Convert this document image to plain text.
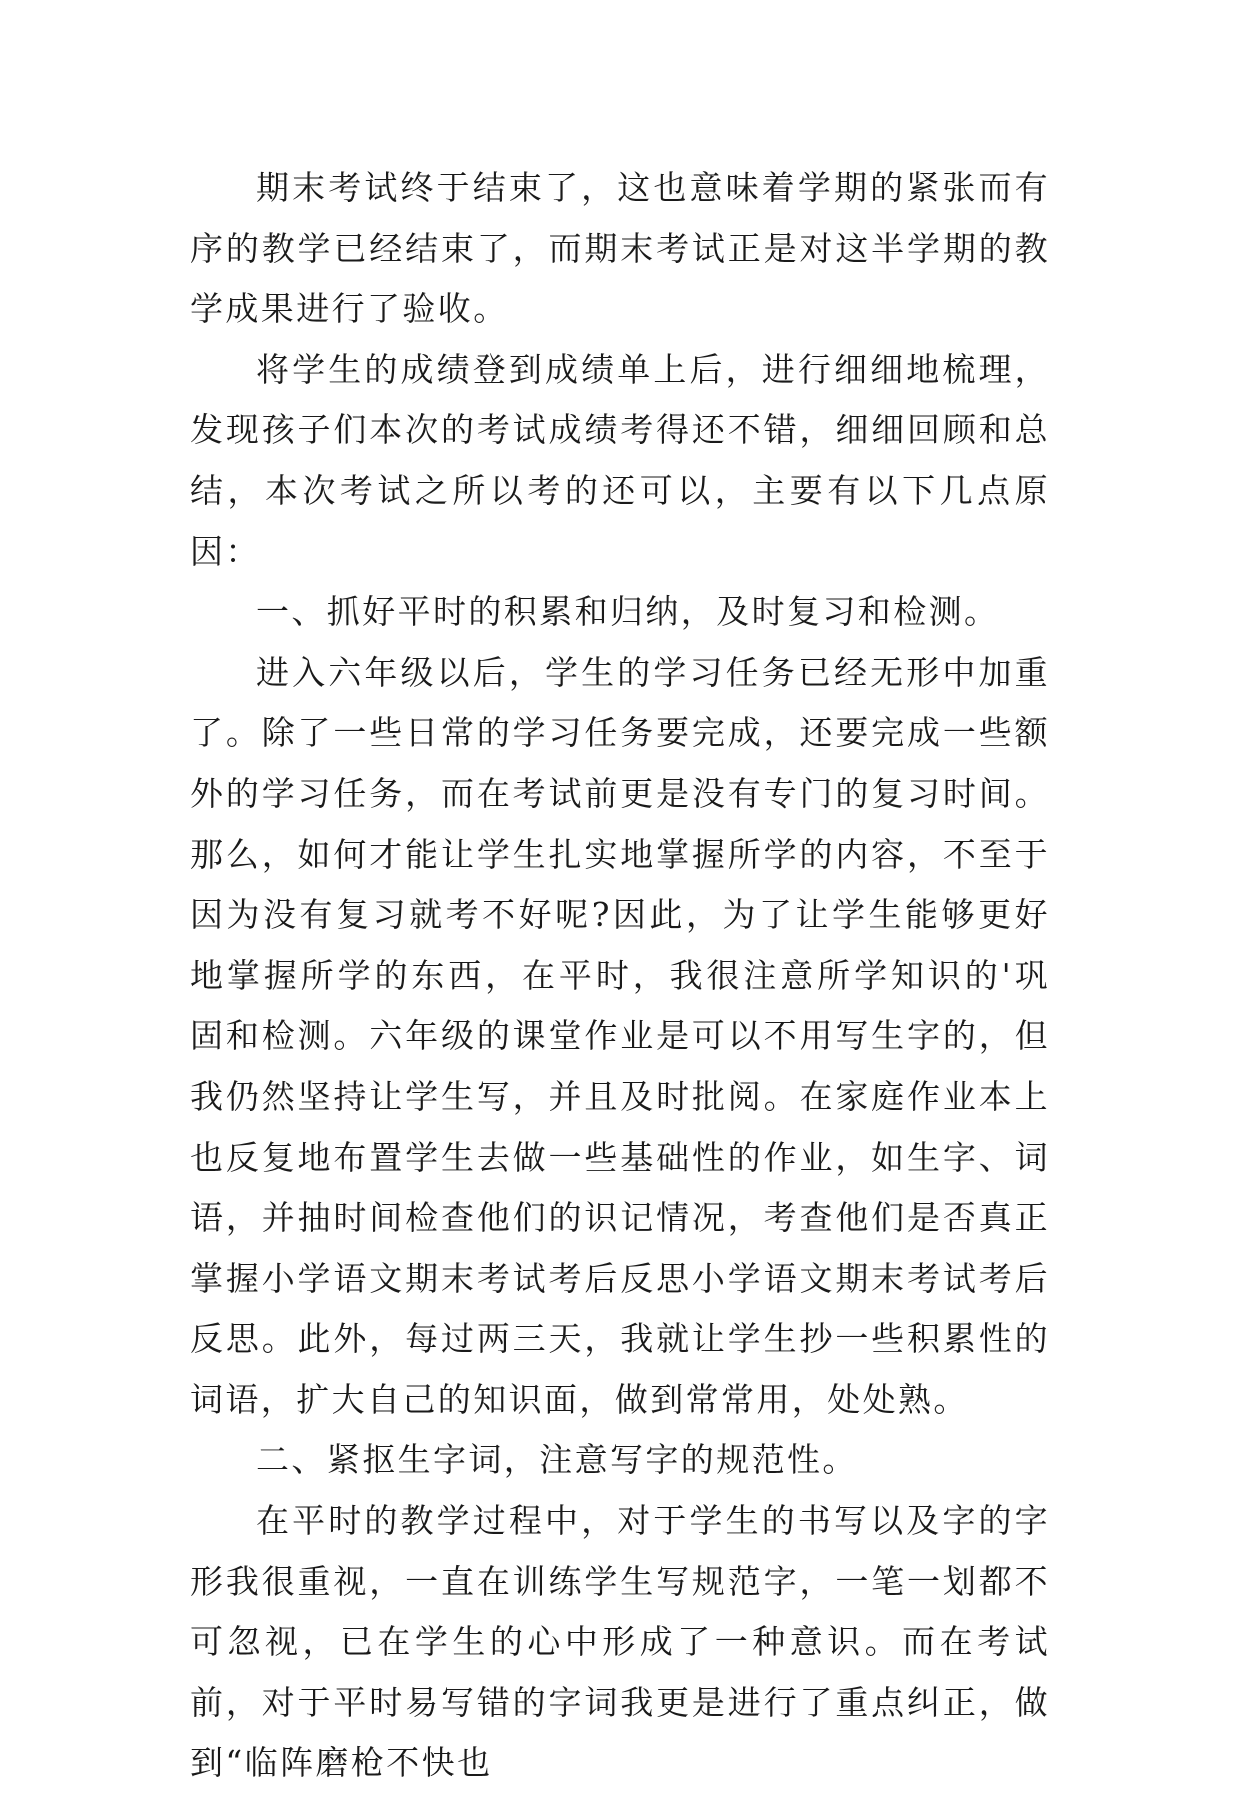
期末考试终于结束了，这也意味着学期的紧张而有序的教学已经结束了，而期末考试正是对这半学期的教学成果进行了验收。

将学生的成绩登到成绩单上后，进行细细地梳理，发现孩子们本次的考试成绩考得还不错，细细回顾和总结，本次考试之所以考的还可以，主要有以下几点原因：

一、抓好平时的积累和归纳，及时复习和检测。

进入六年级以后，学生的学习任务已经无形中加重了。除了一些日常的学习任务要完成，还要完成一些额外的学习任务，而在考试前更是没有专门的复习时间。那么，如何才能让学生扎实地掌握所学的内容，不至于因为没有复习就考不好呢?因此，为了让学生能够更好地掌握所学的东西，在平时，我很注意所学知识的'巩固和检测。六年级的课堂作业是可以不用写生字的，但我仍然坚持让学生写，并且及时批阅。在家庭作业本上也反复地布置学生去做一些基础性的作业，如生字、词语，并抽时间检查他们的识记情况，考查他们是否真正掌握小学语文期末考试考后反思小学语文期末考试考后反思。此外，每过两三天，我就让学生抄一些积累性的词语，扩大自己的知识面，做到常常用，处处熟。

二、紧抠生字词，注意写字的规范性。

在平时的教学过程中，对于学生的书写以及字的字形我很重视，一直在训练学生写规范字，一笔一划都不可忽视，已在学生的心中形成了一种意识。而在考试前，对于平时易写错的字词我更是进行了重点纠正，做到“临阵磨枪不快也
